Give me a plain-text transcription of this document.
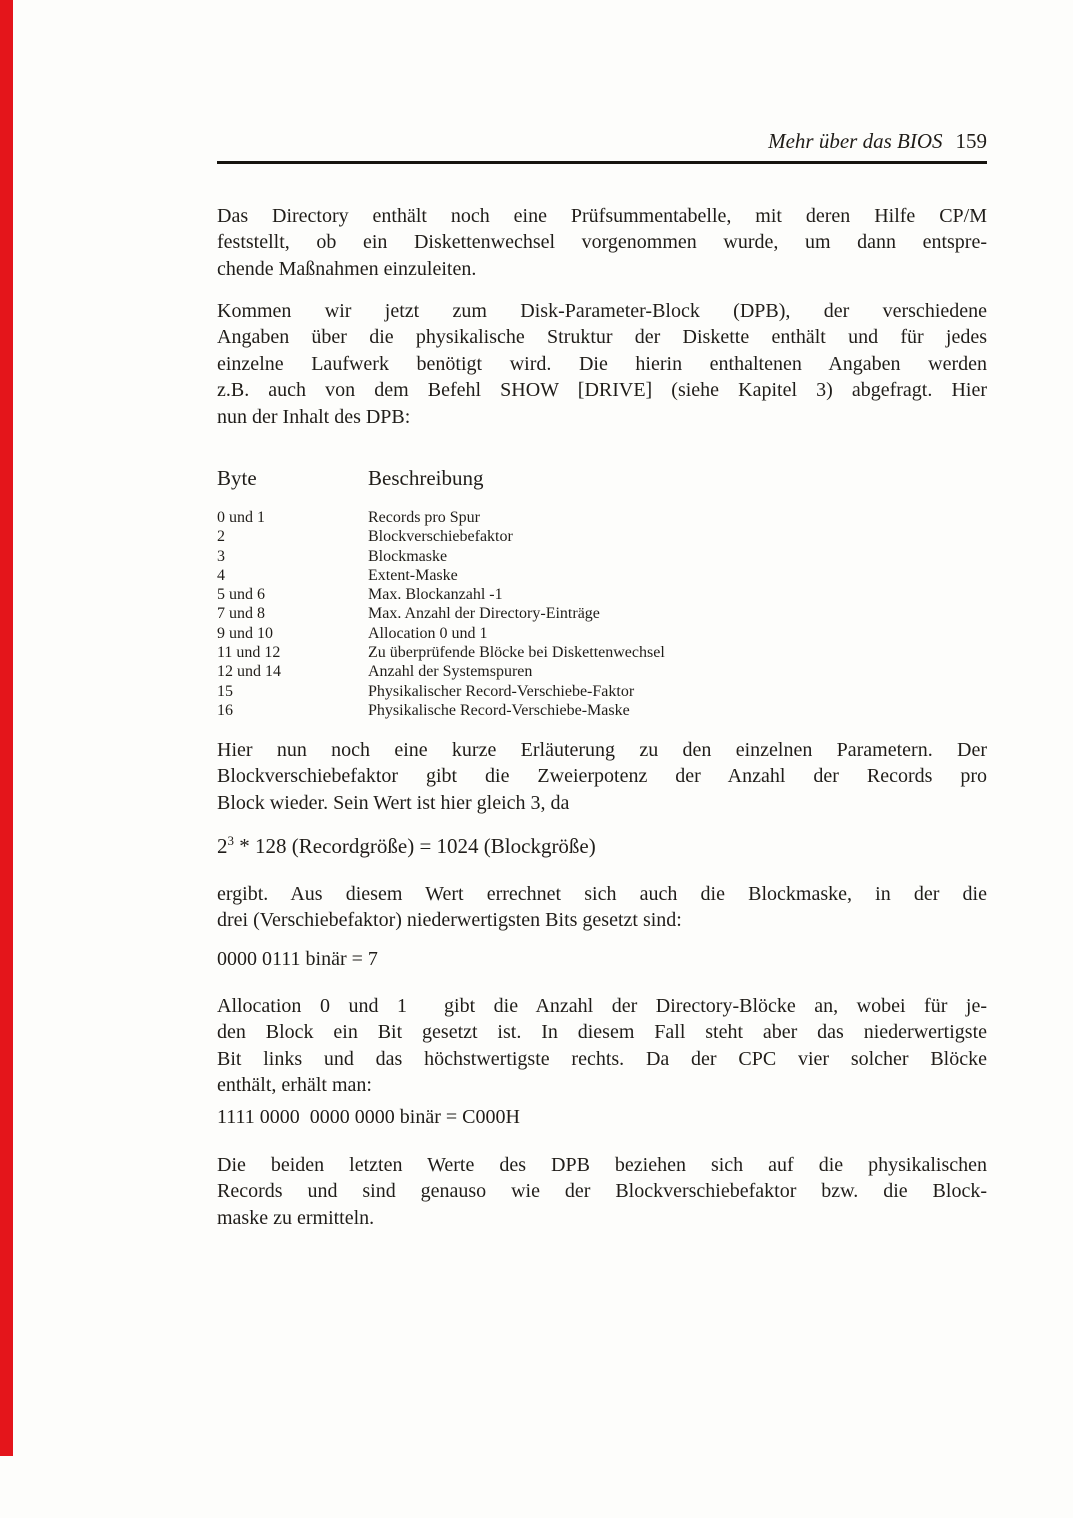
Mehr über das BIOS 159
Das Directory enthält noch eine Prüfsummentabelle, mit deren Hilfe CP/M
feststellt, ob ein Diskettenwechsel vorgenommen wurde, um dann entspre-
chende Maßnahmen einzuleiten.
Kommen wir jetzt zum Disk-Parameter-Block (DPB), der verschiedene
Angaben über die physikalische Struktur der Diskette enthält und für jedes
einzelne Laufwerk benötigt wird. Die hierin enthaltenen Angaben werden
z.B. auch von dem Befehl SHOW [DRIVE] (siehe Kapitel 3) abgefragt. Hier
nun der Inhalt des DPB:
Byte	Beschreibung
0 und 1	Records pro Spur
2	Blockverschiebefaktor
3	Blockmaske
4	Extent-Maske
5 und 6	Max. Blockanzahl -1
7 und 8	Max. Anzahl der Directory-Einträge
9 und 10	Allocation 0 und 1
11 und 12	Zu überprüfende Blöcke bei Diskettenwechsel
12 und 14	Anzahl der Systemspuren
15	Physikalischer Record-Verschiebe-Faktor
16	Physikalische Record-Verschiebe-Maske
Hier nun noch eine kurze Erläuterung zu den einzelnen Parametern. Der
Blockverschiebefaktor gibt die Zweierpotenz der Anzahl der Records pro
Block wieder. Sein Wert ist hier gleich 3, da
$2^3 * 128$ (Recordgröße) = 1024 (Blockgröße)
ergibt. Aus diesem Wert errechnet sich auch die Blockmaske, in der die
drei (Verschiebefaktor) niederwertigsten Bits gesetzt sind:
0000 0111 binär = 7
Allocation 0 und 1  gibt die Anzahl der Directory-Blöcke an, wobei für je-
den Block ein Bit gesetzt ist. In diesem Fall steht aber das niederwertigste
Bit links und das höchstwertigste rechts. Da der CPC vier solcher Blöcke
enthält, erhält man:
1111 0000  0000 0000 binär = C000H
Die beiden letzten Werte des DPB beziehen sich auf die physikalischen
Records und sind genauso wie der Blockverschiebefaktor bzw. die Block-
maske zu ermitteln.
